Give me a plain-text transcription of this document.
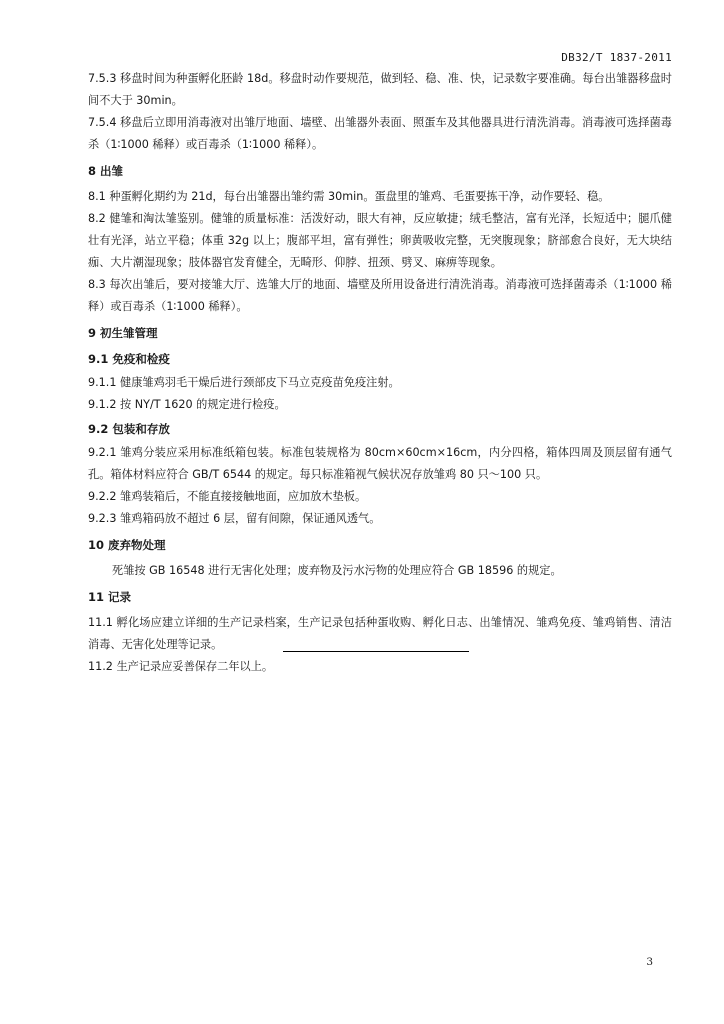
DB32/T 1837-2011

7.5.3 移盘时间为种蛋孵化胚龄 18d。移盘时动作要规范，做到轻、稳、准、快，记录数字要准确。每台出雏器移盘时间不大于 30min。

7.5.4 移盘后立即用消毒液对出雏厅地面、墙壁、出雏器外表面、照蛋车及其他器具进行清洗消毒。消毒液可选择菌毒杀（1∶1000 稀释）或百毒杀（1∶1000 稀释）。

8 出雏

8.1 种蛋孵化期约为 21d，每台出雏器出雏约需 30min。蛋盘里的雏鸡、毛蛋要拣干净，动作要轻、稳。

8.2 健雏和淘汰雏鉴别。健雏的质量标准：活泼好动，眼大有神，反应敏捷；绒毛整洁，富有光泽，长短适中；腿爪健壮有光泽，站立平稳；体重 32g 以上；腹部平坦，富有弹性；卵黄吸收完整，无突腹现象；脐部愈合良好，无大块结痂、大片潮湿现象；肢体器官发育健全，无畸形、仰脖、扭颈、劈叉、麻痹等现象。

8.3 每次出雏后，要对接雏大厅、选雏大厅的地面、墙壁及所用设备进行清洗消毒。消毒液可选择菌毒杀（1∶1000 稀释）或百毒杀（1∶1000 稀释）。

9 初生雏管理
9.1 免疫和检疫

9.1.1 健康雏鸡羽毛干燥后进行颈部皮下马立克疫苗免疫注射。

9.1.2 按 NY/T 1620 的规定进行检疫。

9.2 包装和存放

9.2.1 雏鸡分装应采用标准纸箱包装。标准包装规格为 80cm×60cm×16cm，内分四格，箱体四周及顶层留有通气孔。箱体材料应符合 GB/T 6544 的规定。每只标准箱视气候状况存放雏鸡 80 只～100 只。

9.2.2 雏鸡装箱后，不能直接接触地面，应加放木垫板。

9.2.3 雏鸡箱码放不超过 6 层，留有间隙，保证通风透气。

10 废弃物处理

死雏按 GB 16548 进行无害化处理；废弃物及污水污物的处理应符合 GB 18596 的规定。

11 记录

11.1 孵化场应建立详细的生产记录档案，生产记录包括种蛋收购、孵化日志、出雏情况、雏鸡免疫、雏鸡销售、清洁消毒、无害化处理等记录。

11.2 生产记录应妥善保存二年以上。

3
